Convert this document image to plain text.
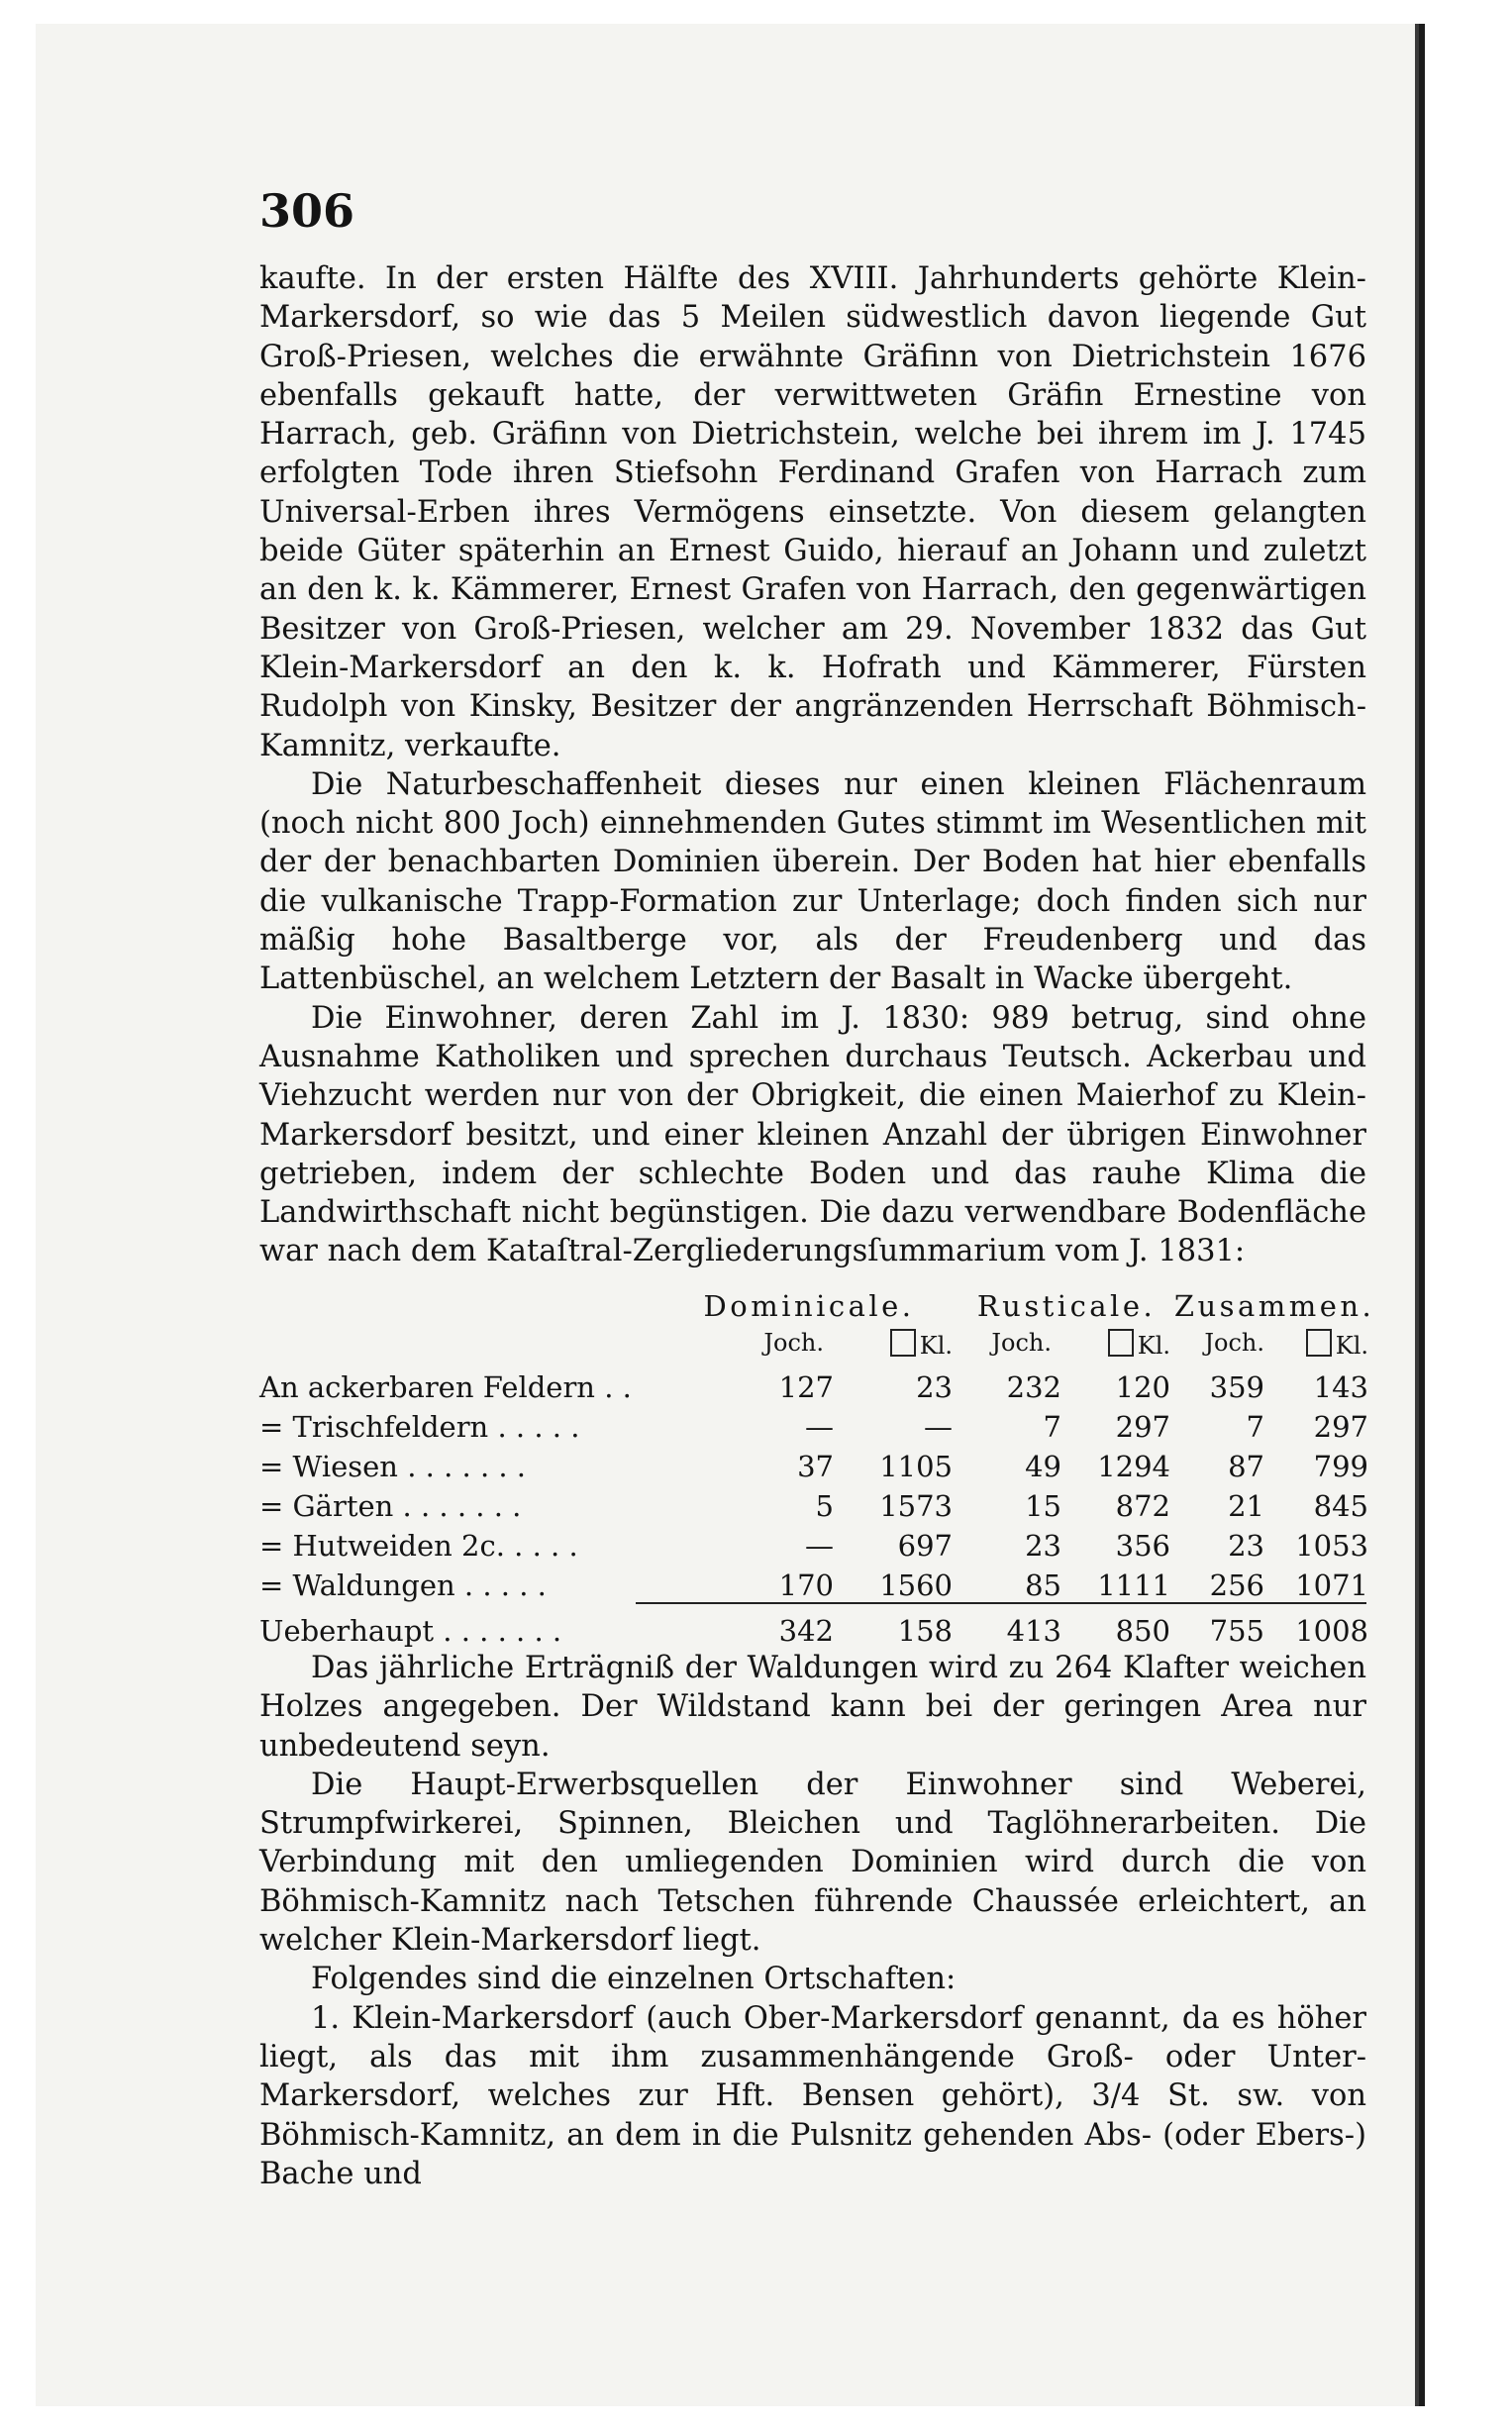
306

kaufte. In der ersten Hälfte des XVIII. Jahrhunderts gehörte Klein-Markersdorf, so wie das 5 Meilen südwestlich davon liegende Gut Groß-Priesen, welches die erwähnte Gräfinn von Dietrichstein 1676 ebenfalls gekauft hatte, der verwittweten Gräfin Ernestine von Harrach, geb. Gräfinn von Dietrichstein, welche bei ihrem im J. 1745 erfolgten Tode ihren Stiefsohn Ferdinand Grafen von Harrach zum Universal-Erben ihres Vermögens einsetzte. Von diesem gelangten beide Güter späterhin an Ernest Guido, hierauf an Johann und zuletzt an den k. k. Kämmerer, Ernest Grafen von Harrach, den gegenwärtigen Besitzer von Groß-Priesen, welcher am 29. November 1832 das Gut Klein-Markersdorf an den k. k. Hofrath und Kämmerer, Fürsten Rudolph von Kinsky, Besitzer der angränzenden Herrschaft Böhmisch-Kamnitz, verkaufte.

Die Naturbeschaffenheit dieses nur einen kleinen Flächenraum (noch nicht 800 Joch) einnehmenden Gutes stimmt im Wesentlichen mit der der benachbarten Dominien überein. Der Boden hat hier ebenfalls die vulkanische Trapp-Formation zur Unterlage; doch finden sich nur mäßig hohe Basaltberge vor, als der Freudenberg und das Lattenbüschel, an welchem Letztern der Basalt in Wacke übergeht.

Die Einwohner, deren Zahl im J. 1830: 989 betrug, sind ohne Ausnahme Katholiken und sprechen durchaus Teutsch. Ackerbau und Viehzucht werden nur von der Obrigkeit, die einen Maierhof zu Klein-Markersdorf besitzt, und einer kleinen Anzahl der übrigen Einwohner getrieben, indem der schlechte Boden und das rauhe Klima die Landwirthschaft nicht begünstigen. Die dazu verwendbare Bodenfläche war nach dem Kataſtral-Zergliederungsſummarium vom J. 1831:

Dominicale.	Rusticale. Zusammen.
Joch.	Kl.	Joch.	Kl.	Joch.	Kl.
An ackerbaren Feldern . .	127	23	232	120	359	143
= Trischfeldern . . . . .	—	—	7	297	7	297
= Wiesen . . . . . . .	37	1105	49	1294	87	799
= Gärten . . . . . . .	5	1573	15	872	21	845
= Hutweiden 2c. . . . .	—	697	23	356	23	1053
= Waldungen . . . . .	170	1560	85	1111	256	1071
Ueberhaupt . . . . . . .	342	158	413	850	755	1008

Das jährliche Erträgniß der Waldungen wird zu 264 Klafter weichen Holzes angegeben. Der Wildstand kann bei der geringen Area nur unbedeutend seyn.

Die Haupt-Erwerbsquellen der Einwohner sind Weberei, Strumpfwirkerei, Spinnen, Bleichen und Taglöhnerarbeiten. Die Verbindung mit den umliegenden Dominien wird durch die von Böhmisch-Kamnitz nach Tetschen führende Chaussée erleichtert, an welcher Klein-Markersdorf liegt.

Folgendes sind die einzelnen Ortschaften:

1. Klein-Markersdorf (auch Ober-Markersdorf genannt, da es höher liegt, als das mit ihm zusammenhängende Groß- oder Unter-Markersdorf, welches zur Hft. Bensen gehört), 3/4 St. sw. von Böhmisch-Kamnitz, an dem in die Pulsnitz gehenden Abs- (oder Ebers-) Bache und
